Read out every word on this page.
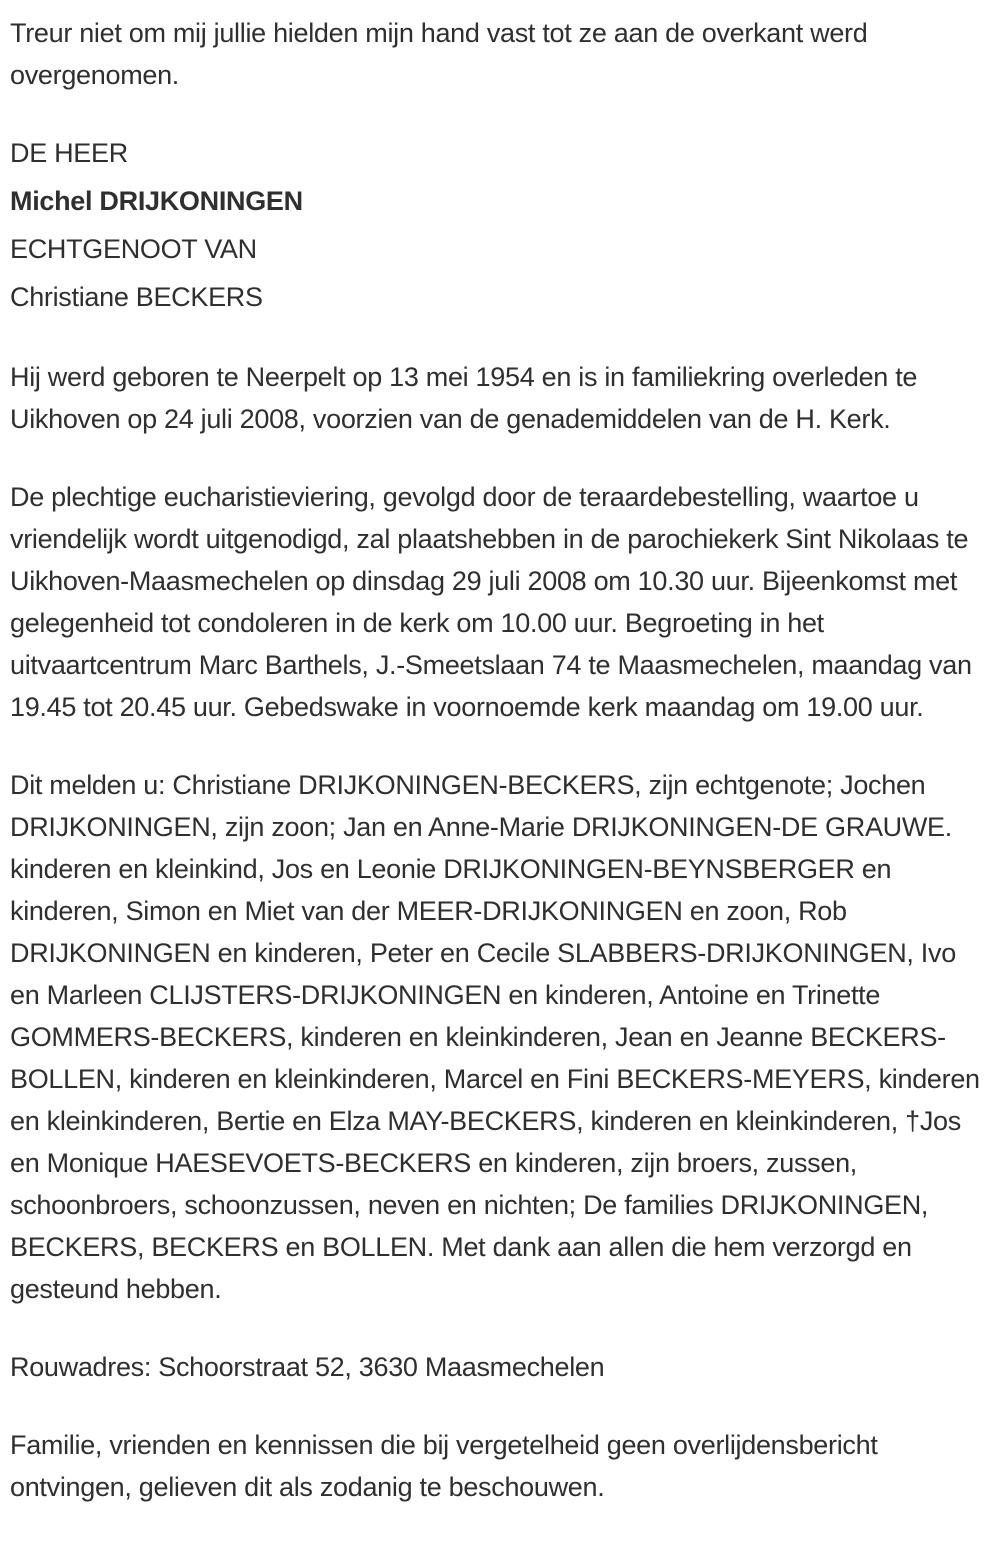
Treur niet om mij jullie hielden mijn hand vast tot ze aan de overkant werd overgenomen.

DE HEER
Michel DRIJKONINGEN
ECHTGENOOT VAN
Christiane BECKERS

Hij werd geboren te Neerpelt op 13 mei 1954 en is in familiekring overleden te Uikhoven op 24 juli 2008, voorzien van de genademiddelen van de H. Kerk.

De plechtige eucharistieviering, gevolgd door de teraardebestelling, waartoe u vriendelijk wordt uitgenodigd, zal plaatshebben in de parochiekerk Sint Nikolaas te Uikhoven-Maasmechelen op dinsdag 29 juli 2008 om 10.30 uur. Bijeenkomst met gelegenheid tot condoleren in de kerk om 10.00 uur. Begroeting in het uitvaartcentrum Marc Barthels, J.-Smeetslaan 74 te Maasmechelen, maandag van 19.45 tot 20.45 uur. Gebedswake in voornoemde kerk maandag om 19.00 uur.

Dit melden u: Christiane DRIJKONINGEN-BECKERS, zijn echtgenote; Jochen DRIJKONINGEN, zijn zoon; Jan en Anne-Marie DRIJKONINGEN-DE GRAUWE. kinderen en kleinkind, Jos en Leonie DRIJKONINGEN-BEYNSBERGER en kinderen, Simon en Miet van der MEER-DRIJKONINGEN en zoon, Rob DRIJKONINGEN en kinderen, Peter en Cecile SLABBERS-DRIJKONINGEN, Ivo en Marleen CLIJSTERS-DRIJKONINGEN en kinderen, Antoine en Trinette GOMMERS-BECKERS, kinderen en kleinkinderen, Jean en Jeanne BECKERS-BOLLEN, kinderen en kleinkinderen, Marcel en Fini BECKERS-MEYERS, kinderen en kleinkinderen, Bertie en Elza MAY-BECKERS, kinderen en kleinkinderen, †Jos en Monique HAESEVOETS-BECKERS en kinderen, zijn broers, zussen, schoonbroers, schoonzussen, neven en nichten; De families DRIJKONINGEN, BECKERS, BECKERS en BOLLEN. Met dank aan allen die hem verzorgd en gesteund hebben.

Rouwadres: Schoorstraat 52, 3630 Maasmechelen

Familie, vrienden en kennissen die bij vergetelheid geen overlijdensbericht ontvingen, gelieven dit als zodanig te beschouwen.
